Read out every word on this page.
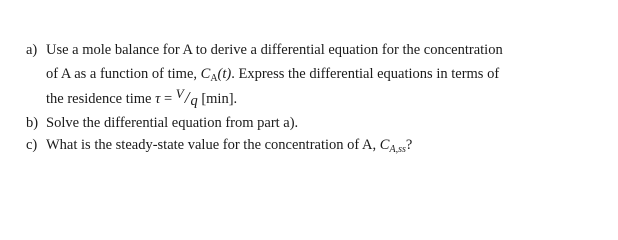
a) Use a mole balance for A to derive a differential equation for the concentration
of A as a function of time, $C_A(t)$. Express the differential equations in terms of
the residence time τ = V/q [min].
b) Solve the differential equation from part a).
c) What is the steady-state value for the concentration of A, $C_{A,ss}$?
